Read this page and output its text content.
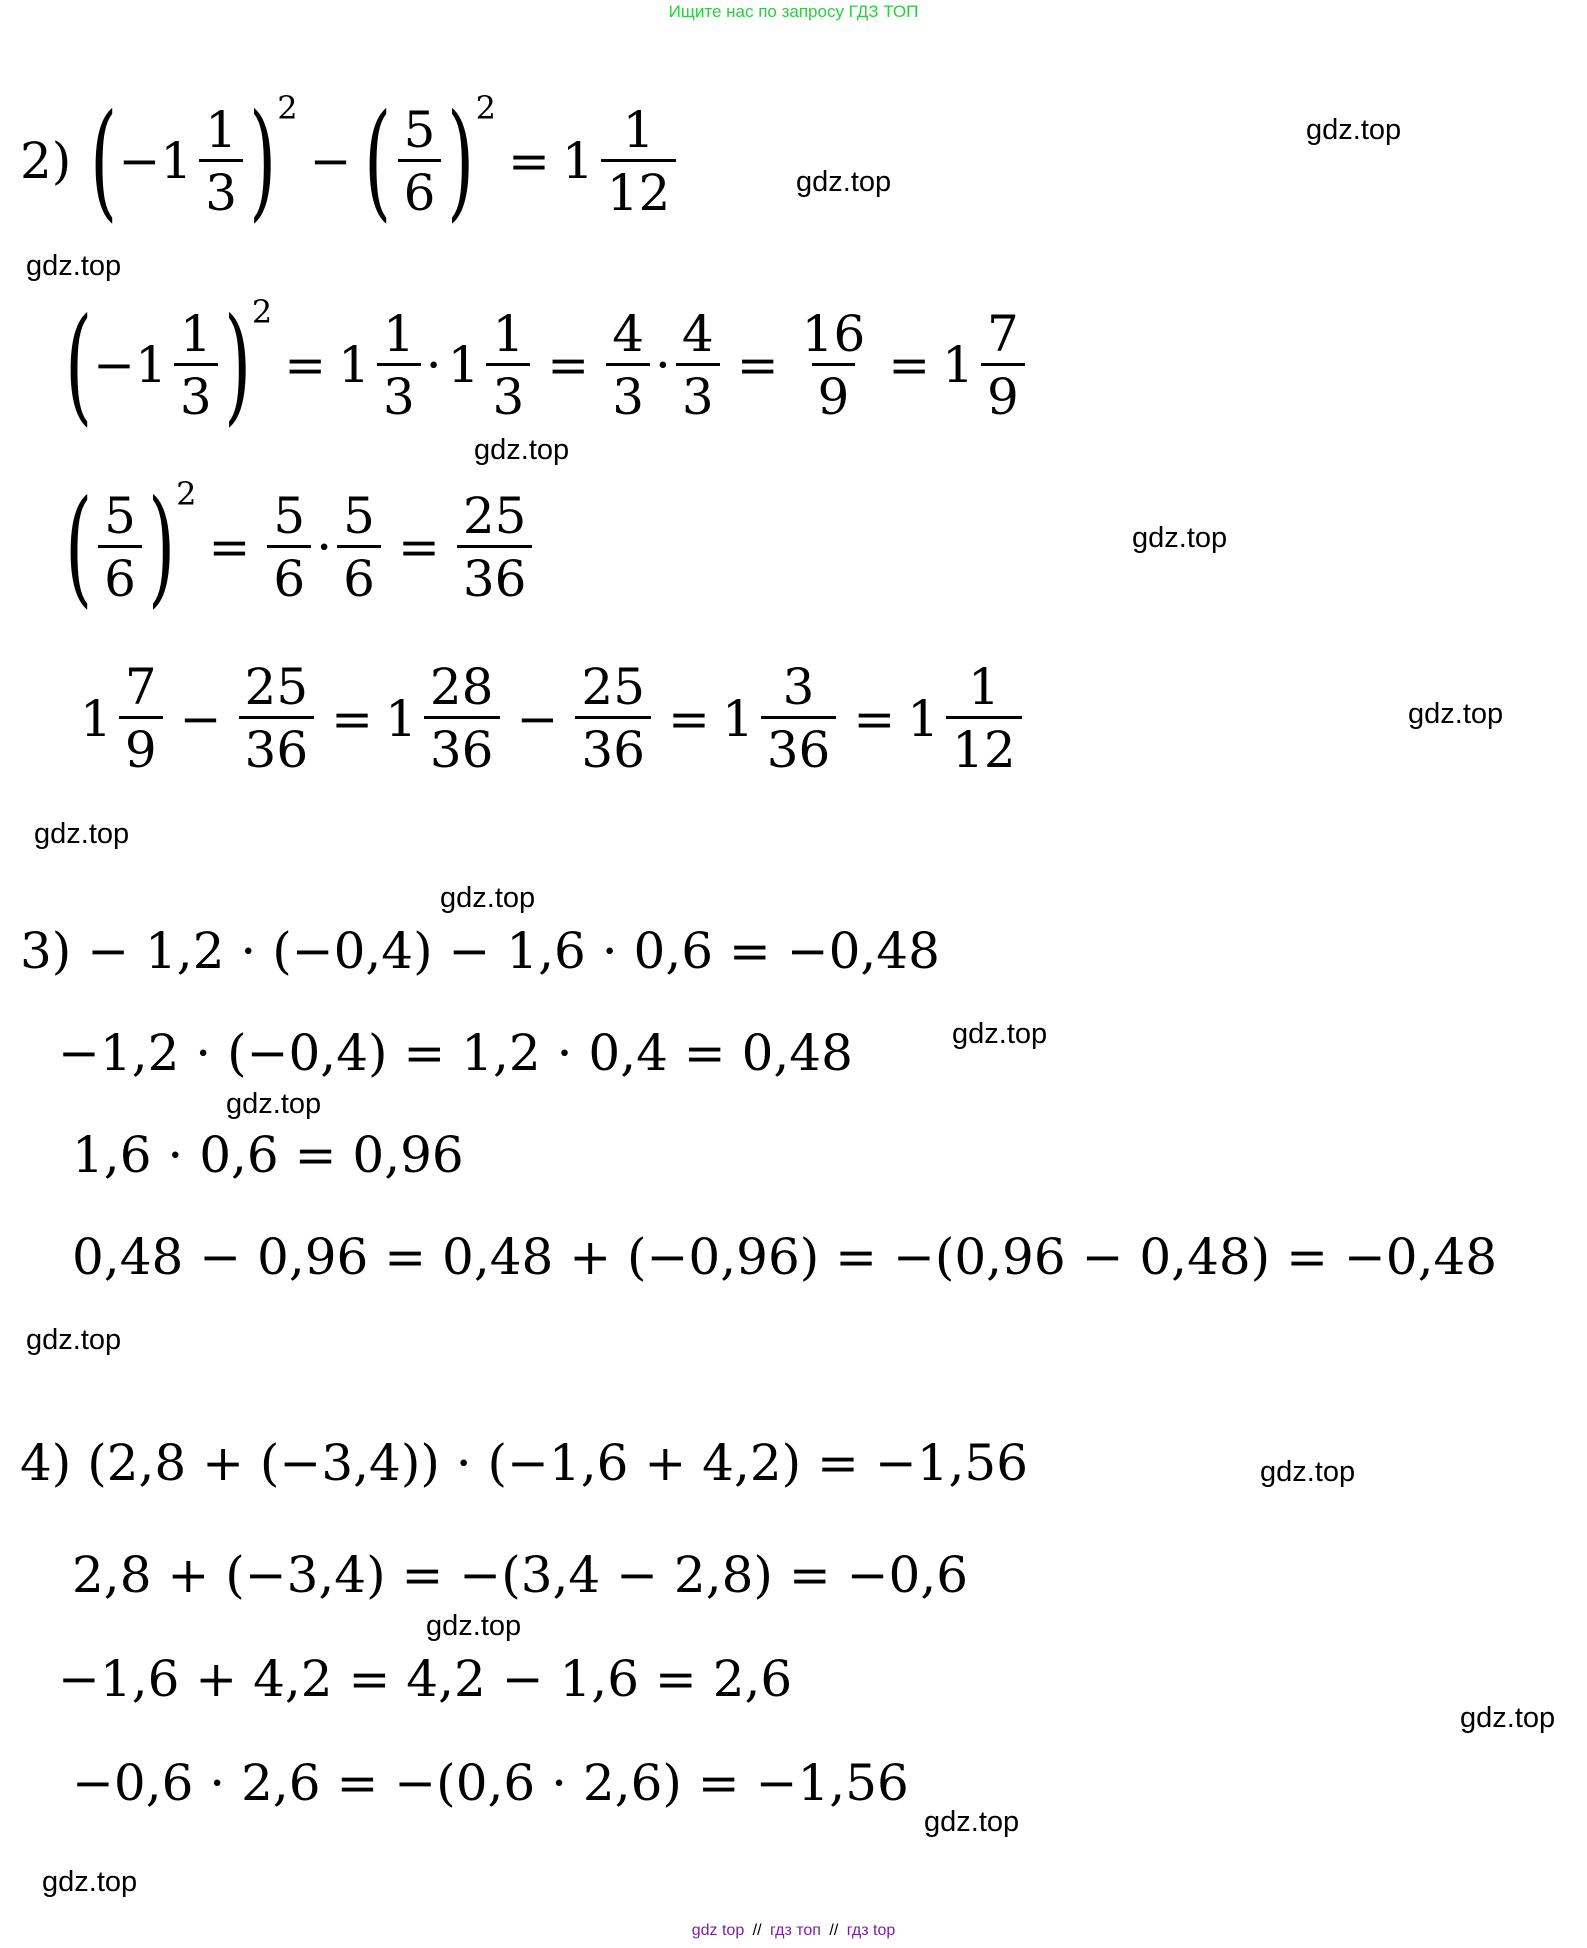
Ищите нас по запросу ГДЗ ТОП
2) ( − $1 \frac{1}{3}$ ) 2
− ( $\frac{5}{6}$ ) 2
= $1 \frac{1}{12}$
( − $1 \frac{1}{3}$ ) 2
= $1 \frac{1}{3} \cdot 1 \frac{1}{3} = \frac{4}{3} \cdot \frac{4}{3} = \frac{16}{9} = 1 \frac{7}{9}$
( $\frac{5}{6}$ ) 2
= $\frac{5}{6} \cdot \frac{5}{6} = \frac{25}{36}$
$1 \frac{7}{9} - \frac{25}{36} = 1 \frac{28}{36} - \frac{25}{36} = 1 \frac{3}{36} = 1 \frac{1}{12}$
3) − 1,2 · (−0,4) − 1,6 · 0,6 = −0,48
−1,2 · (−0,4) = 1,2 · 0,4 = 0,48
1,6 · 0,6 = 0,96
0,48 − 0,96 = 0,48 + (−0,96) = −(0,96 − 0,48) = −0,48
4) (2,8 + (−3,4)) · (−1,6 + 4,2) = −1,56
2,8 + (−3,4) = −(3,4 − 2,8) = −0,6
−1,6 + 4,2 = 4,2 − 1,6 = 2,6
−0,6 · 2,6 = −(0,6 · 2,6) = −1,56
gdz.top
gdz.top
gdz.top
gdz.top
gdz.top
gdz.top
gdz.top
gdz.top
gdz.top
gdz.top
gdz.top
gdz.top
gdz.top
gdz.top
gdz.top
gdz.top
gdz top // гдз топ // гдз top
